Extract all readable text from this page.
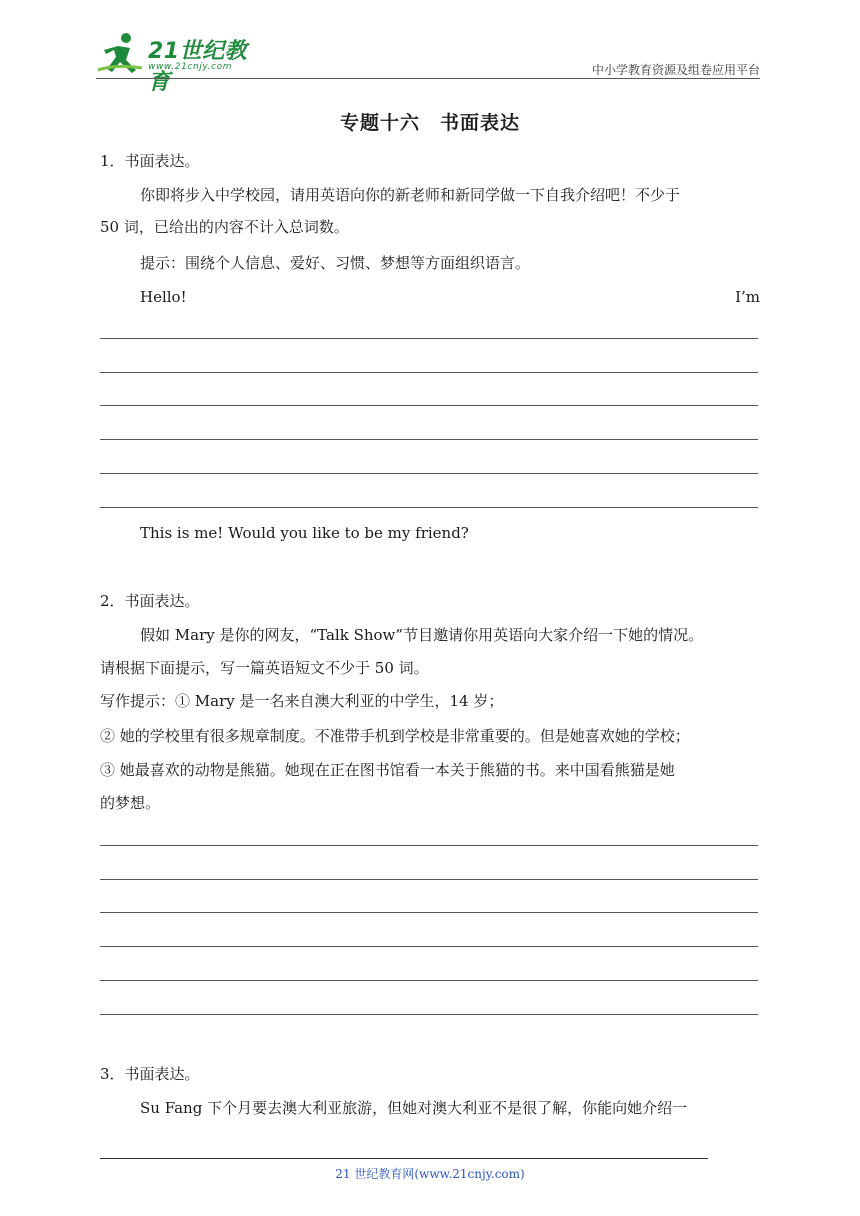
21世纪教育
www.21cnjy.com	中小学教育资源及组卷应用平台
专题十六　书面表达
1．书面表达。
你即将步入中学校园，请用英语向你的新老师和新同学做一下自我介绍吧！不少于
50 词，已给出的内容不计入总词数。
提示：围绕个人信息、爱好、习惯、梦想等方面组织语言。
Hello!	I’m
This is me! Would you like to be my friend?
2．书面表达。
假如 Mary 是你的网友，“Talk Show”节目邀请你用英语向大家介绍一下她的情况。
请根据下面提示，写一篇英语短文不少于 50 词。
写作提示：① Mary 是一名来自澳大利亚的中学生，14 岁；
② 她的学校里有很多规章制度。不准带手机到学校是非常重要的。但是她喜欢她的学校；
③ 她最喜欢的动物是熊猫。她现在正在图书馆看一本关于熊猫的书。来中国看熊猫是她
的梦想。
3．书面表达。
Su Fang 下个月要去澳大利亚旅游，但她对澳大利亚不是很了解，你能向她介绍一
21 世纪教育网(www.21cnjy.com)
